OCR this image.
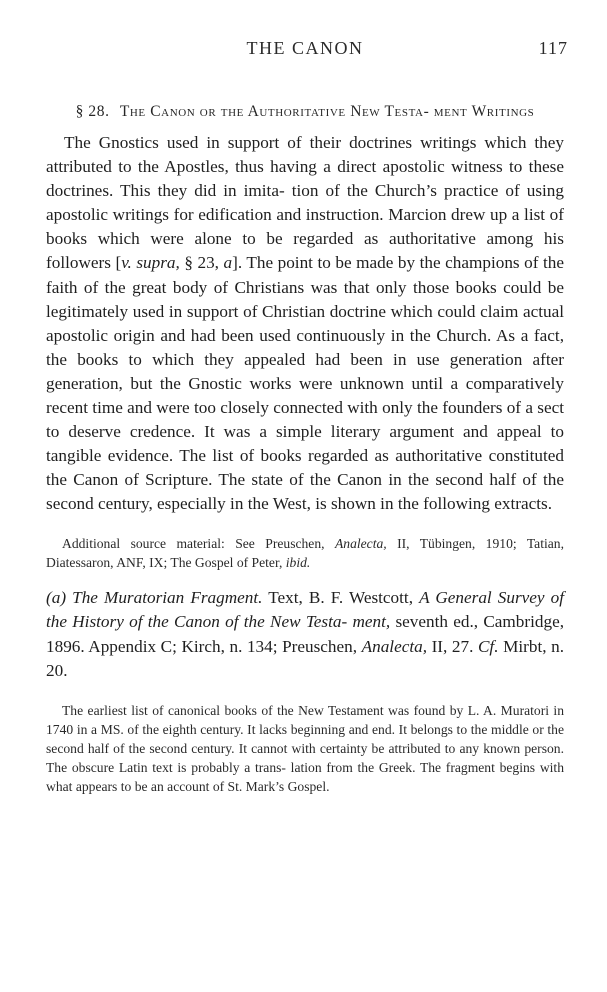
THE CANON	117
§ 28. The Canon or the Authoritative New Testa- ment Writings

The Gnostics used in support of their doctrines writings which they attributed to the Apostles, thus having a direct apostolic witness to these doctrines. This they did in imita- tion of the Church’s practice of using apostolic writings for edification and instruction. Marcion drew up a list of books which were alone to be regarded as authoritative among his followers [v. supra, § 23, a]. The point to be made by the champions of the faith of the great body of Christians was that only those books could be legitimately used in support of Christian doctrine which could claim actual apostolic origin and had been used continuously in the Church. As a fact, the books to which they appealed had been in use generation after generation, but the Gnostic works were unknown until a comparatively recent time and were too closely connected with only the founders of a sect to deserve credence. It was a simple literary argument and appeal to tangible evidence. The list of books regarded as authoritative constituted the Canon of Scripture. The state of the Canon in the second half of the second century, especially in the West, is shown in the following extracts.

Additional source material: See Preuschen, Analecta, II, Tübingen, 1910; Tatian, Diatessaron, ANF, IX; The Gospel of Peter, ibid.

(a) The Muratorian Fragment. Text, B. F. Westcott, A General Survey of the History of the Canon of the New Testa- ment, seventh ed., Cambridge, 1896. Appendix C; Kirch, n. 134; Preuschen, Analecta, II, 27. Cf. Mirbt, n. 20.

The earliest list of canonical books of the New Testament was found by L. A. Muratori in 1740 in a MS. of the eighth century. It lacks beginning and end. It belongs to the middle or the second half of the second century. It cannot with certainty be attributed to any known person. The obscure Latin text is probably a trans- lation from the Greek. The fragment begins with what appears to be an account of St. Mark’s Gospel.
